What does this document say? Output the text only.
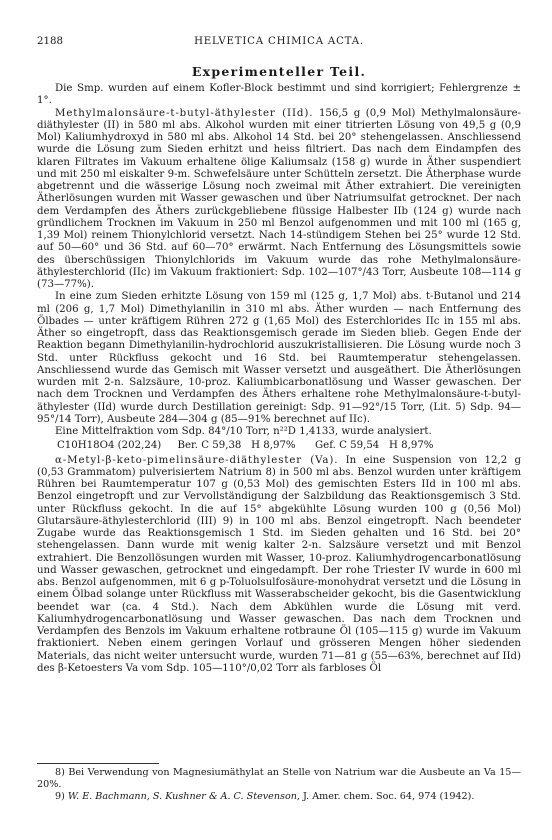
2188	HELVETICA CHIMICA ACTA.
Experimenteller Teil.

Die Smp. wurden auf einem Kofler-Block bestimmt und sind korrigiert; Fehlergrenze ± 1°.

Methylmalonsäure-t-butyl-äthylester (IId). 156,5 g (0,9 Mol) Methylmalonsäure-diäthylester (II) in 580 ml abs. Alkohol wurden mit einer titrierten Lösung von 49,5 g (0,9 Mol) Kaliumhydroxyd in 580 ml abs. Alkohol 14 Std. bei 20° stehengelassen. Anschliessend wurde die Lösung zum Sieden erhitzt und heiss filtriert. Das nach dem Eindampfen des klaren Filtrates im Vakuum erhaltene ölige Kaliumsalz (158 g) wurde in Äther suspendiert und mit 250 ml eiskalter 9-m. Schwefelsäure unter Schütteln zersetzt. Die Ätherphase wurde abgetrennt und die wässerige Lösung noch zweimal mit Äther extrahiert. Die vereinigten Ätherlösungen wurden mit Wasser gewaschen und über Natriumsulfat getrocknet. Der nach dem Verdampfen des Äthers zurückgebliebene flüssige Halbester IIb (124 g) wurde nach gründlichem Trocknen im Vakuum in 250 ml Benzol aufgenommen und mit 100 ml (165 g, 1,39 Mol) reinem Thionylchlorid versetzt. Nach 14-stündigem Stehen bei 25° wurde 12 Std. auf 50—60° und 36 Std. auf 60—70° erwärmt. Nach Entfernung des Lösungsmittels sowie des überschüssigen Thionylchlorids im Vakuum wurde das rohe Methylmalonsäure-äthylesterchlorid (IIc) im Vakuum fraktioniert: Sdp. 102—107°/43 Torr, Ausbeute 108—114 g (73—77%).

In eine zum Sieden erhitzte Lösung von 159 ml (125 g, 1,7 Mol) abs. t-Butanol und 214 ml (206 g, 1,7 Mol) Dimethylanilin in 310 ml abs. Äther wurden — nach Entfernung des Ölbades — unter kräftigem Rühren 272 g (1,65 Mol) des Esterchlorides IIc in 155 ml abs. Äther so eingetropft, dass das Reaktionsgemisch gerade im Sieden blieb. Gegen Ende der Reaktion begann Dimethylanilin-hydrochlorid auszukristallisieren. Die Lösung wurde noch 3 Std. unter Rückfluss gekocht und 16 Std. bei Raumtemperatur stehengelassen. Anschliessend wurde das Gemisch mit Wasser versetzt und ausgeäthert. Die Ätherlösungen wurden mit 2-n. Salzsäure, 10-proz. Kaliumbicarbonatlösung und Wasser gewaschen. Der nach dem Trocknen und Verdampfen des Äthers erhaltene rohe Methylmalonsäure-t-butyl-äthylester (IId) wurde durch Destillation gereinigt: Sdp. 91—92°/15 Torr, (Lit. 5) Sdp. 94—95°/14 Torr), Ausbeute 284—304 g (85—91% berechnet auf IIc).

Eine Mittelfraktion vom Sdp. 84°/10 Torr, n²²D 1,4133, wurde analysiert.

C10H18O4 (202,24)     Ber. C 59,38   H 8,97%      Gef. C 59,54   H 8,97%

α-Metyl-β-keto-pimelinsäure-diäthylester (Va). In eine Suspension von 12,2 g (0,53 Grammatom) pulverisiertem Natrium 8) in 500 ml abs. Benzol wurden unter kräftigem Rühren bei Raumtemperatur 107 g (0,53 Mol) des gemischten Esters IId in 100 ml abs. Benzol eingetropft und zur Vervollständigung der Salzbildung das Reaktionsgemisch 3 Std. unter Rückfluss gekocht. In die auf 15° abgekühlte Lösung wurden 100 g (0,56 Mol) Glutarsäure-äthylesterchlorid (III) 9) in 100 ml abs. Benzol eingetropft. Nach beendeter Zugabe wurde das Reaktionsgemisch 1 Std. im Sieden gehalten und 16 Std. bei 20° stehengelassen. Dann wurde mit wenig kalter 2-n. Salzsäure versetzt und mit Benzol extrahiert. Die Benzollösungen wurden mit Wasser, 10-proz. Kaliumhydrogencarbonatlösung und Wasser gewaschen, getrocknet und eingedampft. Der rohe Triester IV wurde in 600 ml abs. Benzol aufgenommen, mit 6 g p-Toluolsulfosäure-monohydrat versetzt und die Lösung in einem Ölbad solange unter Rückfluss mit Wasserabscheider gekocht, bis die Gasentwicklung beendet war (ca. 4 Std.). Nach dem Abkühlen wurde die Lösung mit verd. Kaliumhydrogencarbonatlösung und Wasser gewaschen. Das nach dem Trocknen und Verdampfen des Benzols im Vakuum erhaltene rotbraune Öl (105—115 g) wurde im Vakuum fraktioniert. Neben einem geringen Vorlauf und grösseren Mengen höher siedenden Materials, das nicht weiter untersucht wurde, wurden 71—81 g (55—63%, berechnet auf IId) des β-Ketoesters Va vom Sdp. 105—110°/0,02 Torr als farbloses Öl

8) Bei Verwendung von Magnesiumäthylat an Stelle von Natrium war die Ausbeute an Va 15—20%.

9) W. E. Bachmann, S. Kushner & A. C. Stevenson, J. Amer. chem. Soc. 64, 974 (1942).
